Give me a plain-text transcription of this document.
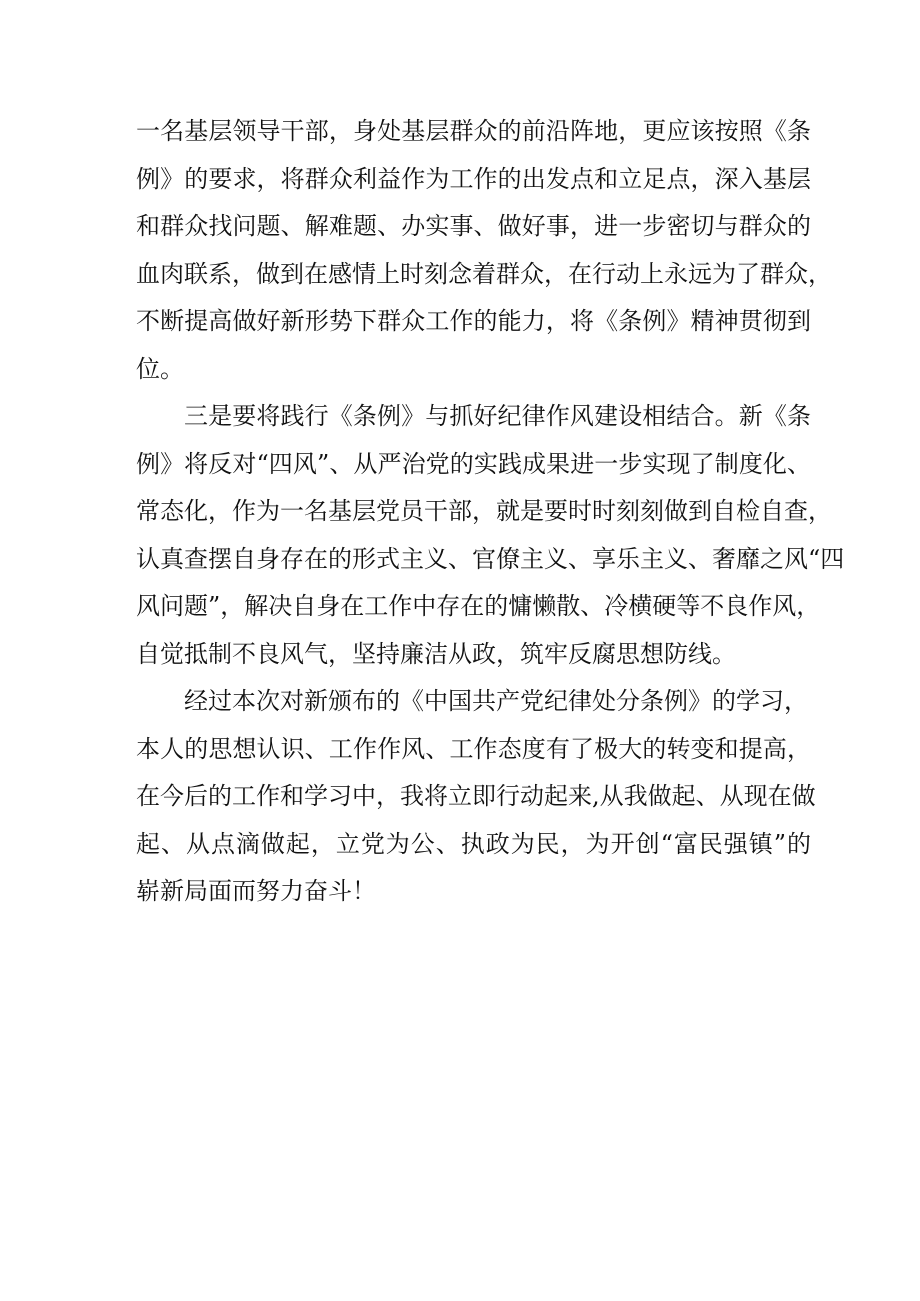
一名基层领导干部，身处基层群众的前沿阵地，更应该按照《条
例》的要求，将群众利益作为工作的出发点和立足点，深入基层
和群众找问题、解难题、办实事、做好事，进一步密切与群众的
血肉联系，做到在感情上时刻念着群众，在行动上永远为了群众，
不断提高做好新形势下群众工作的能力，将《条例》精神贯彻到
位。
三是要将践行《条例》与抓好纪律作风建设相结合。新《条
例》将反对“四风”、从严治党的实践成果进一步实现了制度化、
常态化，作为一名基层党员干部，就是要时时刻刻做到自检自查，
认真查摆自身存在的形式主义、官僚主义、享乐主义、奢靡之风“四
风问题”，解决自身在工作中存在的慵懒散、冷横硬等不良作风，
自觉抵制不良风气，坚持廉洁从政，筑牢反腐思想防线。
经过本次对新颁布的《中国共产党纪律处分条例》的学习，
本人的思想认识、工作作风、工作态度有了极大的转变和提高，
在今后的工作和学习中，我将立即行动起来,从我做起、从现在做
起、从点滴做起，立党为公、执政为民，为开创“富民强镇”的
崭新局面而努力奋斗！
